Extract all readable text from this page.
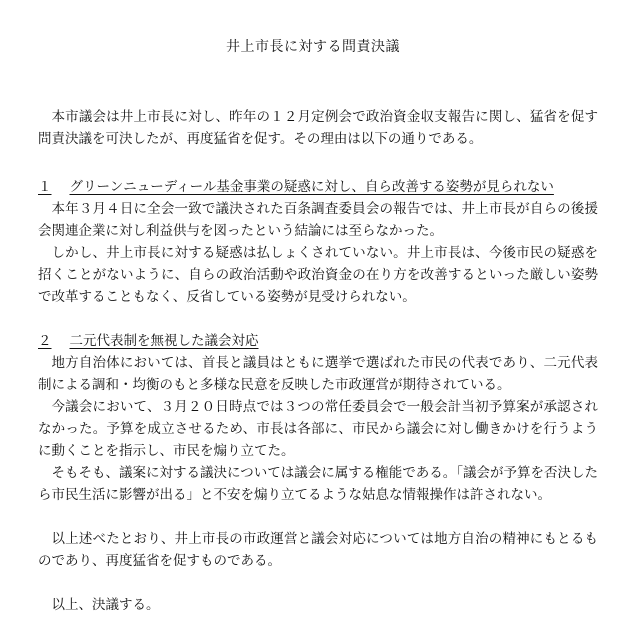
井上市長に対する問責決議

本市議会は井上市長に対し、昨年の１２月定例会で政治資金収支報告に関し、猛省を促す問責決議を可決したが、再度猛省を促す。その理由は以下の通りである。

１ グリーンニューディール基金事業の疑惑に対し、自ら改善する姿勢が見られない

本年３月４日に全会一致で議決された百条調査委員会の報告では、井上市長が自らの後援会関連企業に対し利益供与を図ったという結論には至らなかった。

しかし、井上市長に対する疑惑は払しょくされていない。井上市長は、今後市民の疑惑を招くことがないように、自らの政治活動や政治資金の在り方を改善するといった厳しい姿勢で改革することもなく、反省している姿勢が見受けられない。

２ 二元代表制を無視した議会対応

地方自治体においては、首長と議員はともに選挙で選ばれた市民の代表であり、二元代表制による調和・均衡のもと多様な民意を反映した市政運営が期待されている。

今議会において、３月２０日時点では３つの常任委員会で一般会計当初予算案が承認されなかった。予算を成立させるため、市長は各部に、市民から議会に対し働きかけを行うように動くことを指示し、市民を煽り立てた。

そもそも、議案に対する議決については議会に属する権能である。「議会が予算を否決したら市民生活に影響が出る」と不安を煽り立てるような姑息な情報操作は許されない。

以上述べたとおり、井上市長の市政運営と議会対応については地方自治の精神にもとるものであり、再度猛省を促すものである。

以上、決議する。
